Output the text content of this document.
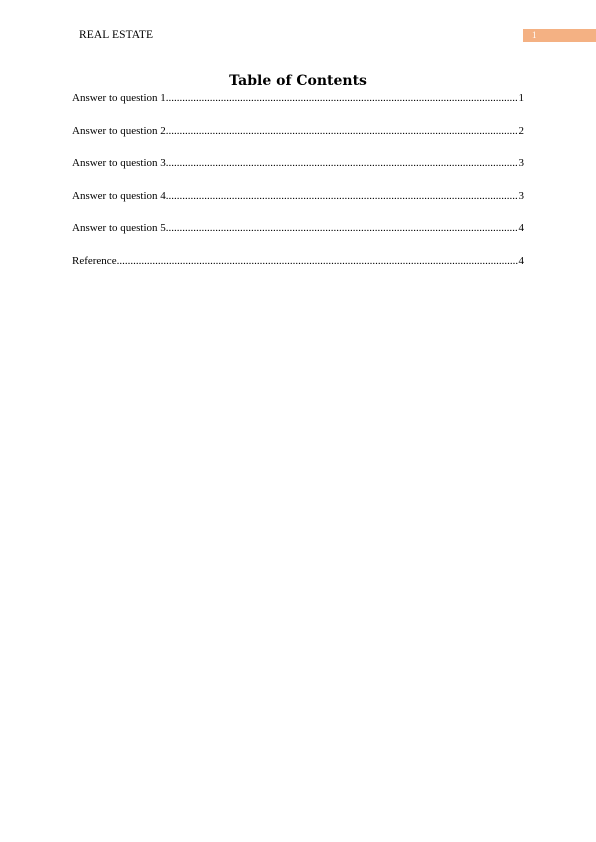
REAL ESTATE	1
Table of Contents
Answer to question 1 .....	1
Answer to question 2 .....	2
Answer to question 3 .....	3
Answer to question 4 .....	3
Answer to question 5 .....	4
Reference .....	4
